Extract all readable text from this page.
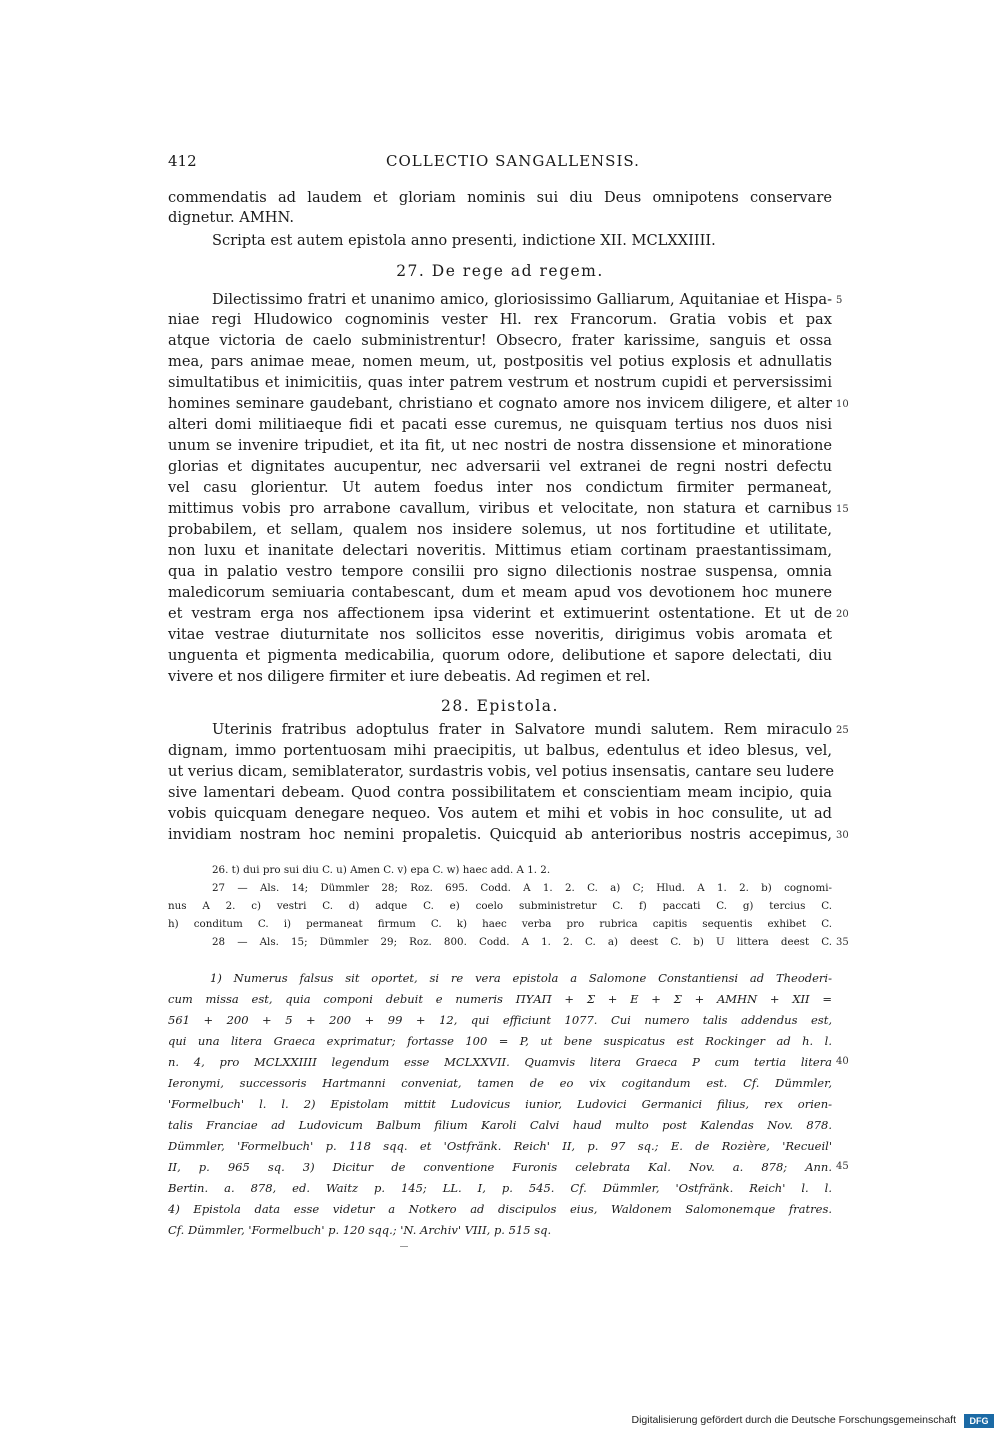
412	COLLECTIO SANGALLENSIS.
commendatis ad laudem et gloriam nominis sui diu Deus omnipotens conservare
dignetur. AMHN.
Scripta est autem epistola anno presenti, indictione XII. MCLXXIIII.
27. De rege ad regem.
Dilectissimo fratri et unanimo amico, gloriosissimo Galliarum, Aquitaniae et Hispa-
niae regi Hludowico cognominis vester Hl. rex Francorum. Gratia vobis et pax
atque victoria de caelo subministrentur! Obsecro, frater karissime, sanguis et ossa
mea, pars animae meae, nomen meum, ut, postpositis vel potius explosis et adnullatis
simultatibus et inimicitiis, quas inter patrem vestrum et nostrum cupidi et perversissimi
homines seminare gaudebant, christiano et cognato amore nos invicem diligere, et alter
alteri domi militiaeque fidi et pacati esse curemus, ne quisquam tertius nos duos nisi
unum se invenire tripudiet, et ita fit, ut nec nostri de nostra dissensione et minoratione
glorias et dignitates aucupentur, nec adversarii vel extranei de regni nostri defectu
vel casu glorientur. Ut autem foedus inter nos condictum firmiter permaneat,
mittimus vobis pro arrabone cavallum, viribus et velocitate, non statura et carnibus
probabilem, et sellam, qualem nos insidere solemus, ut nos fortitudine et utilitate,
non luxu et inanitate delectari noveritis. Mittimus etiam cortinam praestantissimam,
qua in palatio vestro tempore consilii pro signo dilectionis nostrae suspensa, omnia
maledicorum semiuaria contabescant, dum et meam apud vos devotionem hoc munere
et vestram erga nos affectionem ipsa viderint et extimuerint ostentatione. Et ut de
vitae vestrae diuturnitate nos sollicitos esse noveritis, dirigimus vobis aromata et
unguenta et pigmenta medicabilia, quorum odore, delibutione et sapore delectati, diu
vivere et nos diligere firmiter et iure debeatis. Ad regimen et rel.
28. Epistola.
Uterinis fratribus adoptulus frater in Salvatore mundi salutem. Rem miraculo
dignam, immo portentuosam mihi praecipitis, ut balbus, edentulus et ideo blesus, vel,
ut verius dicam, semiblaterator, surdastris vobis, vel potius insensatis, cantare seu ludere
sive lamentari debeam. Quod contra possibilitatem et conscientiam meam incipio, quia
vobis quicquam denegare nequeo. Vos autem et mihi et vobis in hoc consulite, ut ad
invidiam nostram hoc nemini propaletis. Quicquid ab anterioribus nostris accepimus,
5
10
15
20
25
30
26. t) dui pro sui diu C. u) Amen C. v) epa C. w) haec add. A 1. 2.
27 — Als. 14; Dümmler 28; Roz. 695. Codd. A 1. 2. C. a) C; Hlud. A 1. 2. b) cognomi-
nus A 2. c) vestri C. d) adque C. e) coelo subministretur C. f) paccati C. g) tercius C.
h) conditum C. i) permaneat firmum C. k) haec verba pro rubrica capitis sequentis exhibet C.
28 — Als. 15; Dümmler 29; Roz. 800. Codd. A 1. 2. C. a) deest C. b) U littera deest C. 35
1) Numerus falsus sit oportet, si re vera epistola a Salomone Constantiensi ad Theoderi-
cum missa est, quia componi debuit e numeris ΠΥΑΠ + Σ + Ε + Σ + ΑΜΗΝ + ΧΙΙ =
561 + 200 + 5 + 200 + 99 + 12, qui efficiunt 1077. Cui numero talis addendus est,
qui una litera Graeca exprimatur; fortasse 100 = P, ut bene suspicatus est Rockinger ad h. l.
n. 4, pro MCLXXIIII legendum esse MCLXXVII. Quamvis litera Graeca P cum tertia litera
Ieronymi, successoris Hartmanni conveniat, tamen de eo vix cogitandum est. Cf. Dümmler,
'Formelbuch' l. l. 2) Epistolam mittit Ludovicus iunior, Ludovici Germanici filius, rex orien-
talis Franciae ad Ludovicum Balbum filium Karoli Calvi haud multo post Kalendas Nov. 878.
Dümmler, 'Formelbuch' p. 118 sqq. et 'Ostfränk. Reich' II, p. 97 sq.; E. de Rozière, 'Recueil'
II, p. 965 sq. 3) Dicitur de conventione Furonis celebrata Kal. Nov. a. 878; Ann.
Bertin. a. 878, ed. Waitz p. 145; LL. I, p. 545. Cf. Dümmler, 'Ostfränk. Reich' l. l.
4) Epistola data esse videtur a Notkero ad discipulos eius, Waldonem Salomonemque fratres.
Cf. Dümmler, 'Formelbuch' p. 120 sqq.; 'N. Archiv' VIII, p. 515 sq.
40
45
Digitalisierung gefördert durch die Deutsche Forschungsgemeinschaft	DFG
